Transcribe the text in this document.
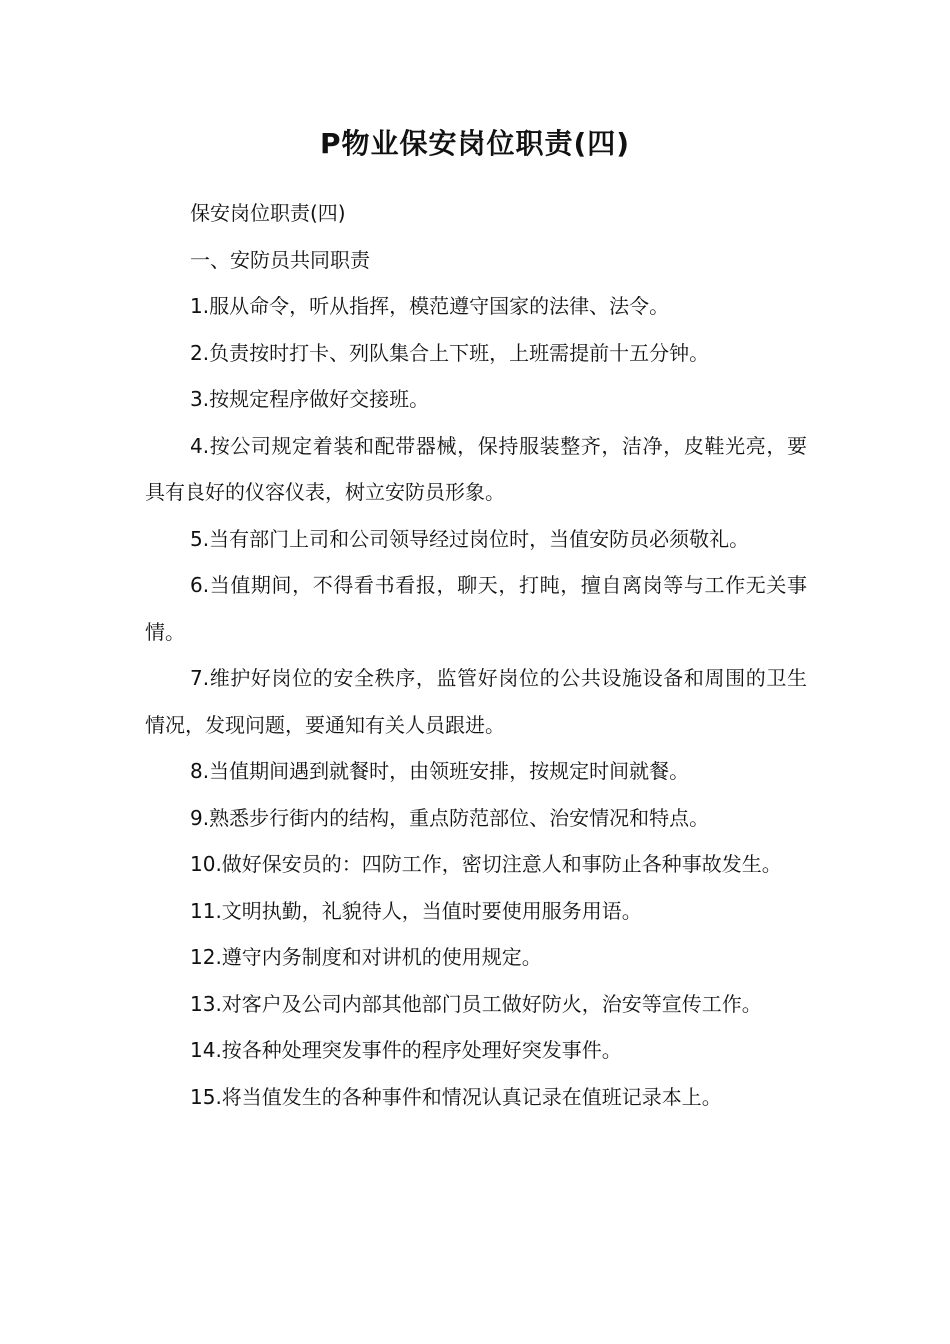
P物业保安岗位职责(四)

保安岗位职责(四)

一、安防员共同职责

1.服从命令，听从指挥，模范遵守国家的法律、法令。

2.负责按时打卡、列队集合上下班，上班需提前十五分钟。

3.按规定程序做好交接班。

4.按公司规定着装和配带器械，保持服装整齐，洁净，皮鞋光亮，要具有良好的仪容仪表，树立安防员形象。

5.当有部门上司和公司领导经过岗位时，当值安防员必须敬礼。

6.当值期间，不得看书看报，聊天，打盹，擅自离岗等与工作无关事情。

7.维护好岗位的安全秩序，监管好岗位的公共设施设备和周围的卫生情况，发现问题，要通知有关人员跟进。

8.当值期间遇到就餐时，由领班安排，按规定时间就餐。

9.熟悉步行街内的结构，重点防范部位、治安情况和特点。

10.做好保安员的：四防工作，密切注意人和事防止各种事故发生。

11.文明执勤，礼貌待人，当值时要使用服务用语。

12.遵守内务制度和对讲机的使用规定。

13.对客户及公司内部其他部门员工做好防火，治安等宣传工作。

14.按各种处理突发事件的程序处理好突发事件。

15.将当值发生的各种事件和情况认真记录在值班记录本上。
